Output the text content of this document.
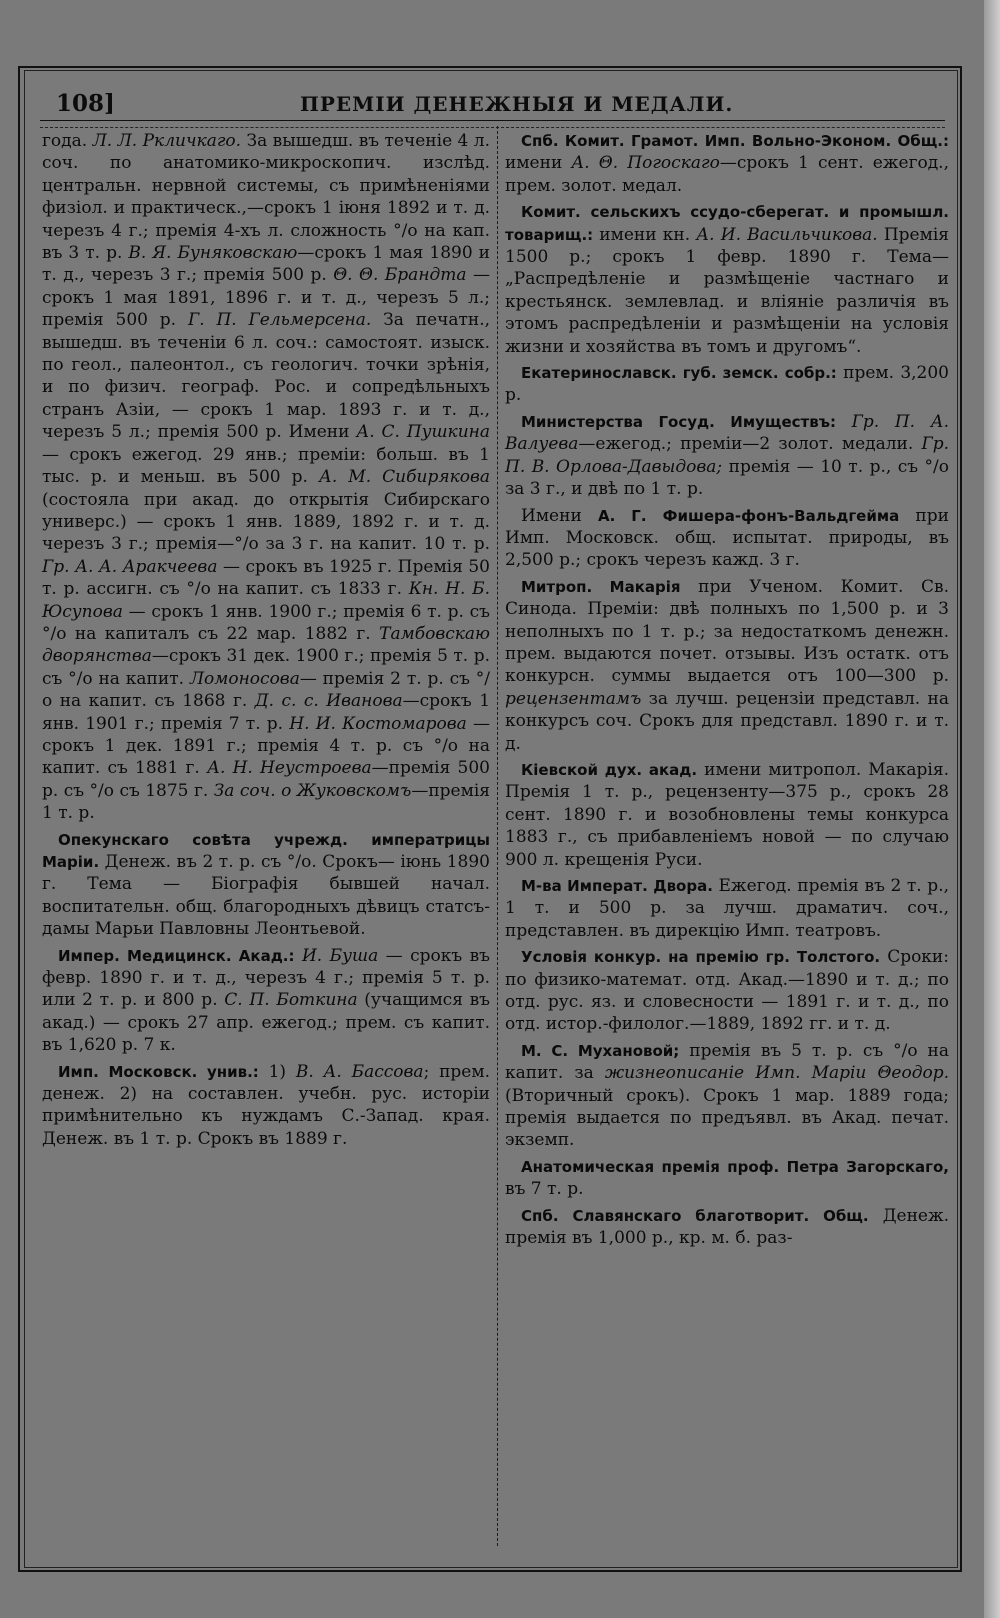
108]	ПРЕМІИ ДЕНЕЖНЫЯ И МЕДАЛИ.

года. Л. Л. Ркличкаго. За вышедш. въ теченіе 4 л. соч. по анатомико-микроскопич. изслѣд. центральн. нервной системы, съ примѣненіями физіол. и практическ.,—срокъ 1 іюня 1892 и т. д. черезъ 4 г.; премія 4-хъ л. сложность °/о на кап. въ 3 т. р. В. Я. Буняковскаю—срокъ 1 мая 1890 и т. д., черезъ 3 г.; премія 500 р. Θ. Θ. Брандта — срокъ 1 мая 1891, 1896 г. и т. д., черезъ 5 л.; премія 500 р. Г. П. Гельмерсена. За печатн., вышедш. въ теченіи 6 л. соч.: самостоят. изыск. по геол., палеонтол., съ геологич. точки зрѣнія, и по физич. географ. Рос. и сопредѣльныхъ странъ Азіи, — срокъ 1 мар. 1893 г. и т. д., черезъ 5 л.; премія 500 р. Имени А. С. Пушкина — срокъ ежегод. 29 янв.; преміи: больш. въ 1 тыс. р. и меньш. въ 500 р. А. М. Сибирякова (состояла при акад. до открытія Сибирскаго универс.) — срокъ 1 янв. 1889, 1892 г. и т. д. черезъ 3 г.; премія—°/о за 3 г. на капит. 10 т. р. Гр. А. А. Аракчеева — срокъ въ 1925 г. Премія 50 т. р. ассигн. съ °/о на капит. съ 1833 г. Кн. Н. Б. Юсупова — срокъ 1 янв. 1900 г.; премія 6 т. р. съ °/о на капиталъ съ 22 мар. 1882 г. Тамбовскаю дворянства—срокъ 31 дек. 1900 г.; премія 5 т. р. съ °/о на капит. Ломоносова— премія 2 т. р. съ °/о на капит. съ 1868 г. Д. с. с. Иванова—срокъ 1 янв. 1901 г.; премія 7 т. р. Н. И. Костомарова — срокъ 1 дек. 1891 г.; премія 4 т. р. съ °/о на капит. съ 1881 г. А. Н. Неустроева—премія 500 р. съ °/о съ 1875 г. За соч. о Жуковскомъ—премія 1 т. р.

Опекунскаго совѣта учрежд. императрицы Маріи. Денеж. въ 2 т. р. съ °/о. Срокъ— іюнь 1890 г. Тема — Біографія бывшей начал. воспитательн. общ. благородныхъ дѣвицъ статсъ-дамы Марьи Павловны Леонтьевой.

Импер. Медицинск. Акад.: И. Буша — срокъ въ февр. 1890 г. и т. д., черезъ 4 г.; премія 5 т. р. или 2 т. р. и 800 р. С. П. Боткина (учащимся въ акад.) — срокъ 27 апр. ежегод.; прем. съ капит. въ 1,620 р. 7 к.

Имп. Московск. унив.: 1) В. А. Бассова; прем. денеж. 2) на составлен. учебн. рус. исторіи примѣнительно къ нуждамъ С.-Запад. края. Денеж. въ 1 т. р. Срокъ въ 1889 г.

Спб. Комит. Грамот. Имп. Вольно-Эконом. Общ.: имени А. Θ. Погоскаго—срокъ 1 сент. ежегод., прем. золот. медал.

Комит. сельскихъ ссудо-сберегат. и промышл. товарищ.: имени кн. А. И. Васильчикова. Премія 1500 р.; срокъ 1 февр. 1890 г. Тема—„Распредѣленіе и размѣщеніе частнаго и крестьянск. землевлад. и вліяніе различія въ этомъ распредѣленіи и размѣщеніи на условія жизни и хозяйства въ томъ и другомъ“.

Екатеринославск. губ. земск. собр.: прем. 3,200 р.

Министерства Госуд. Имуществъ: Гр. П. А. Валуева—ежегод.; преміи—2 золот. медали. Гр. П. В. Орлова-Давыдова; премія — 10 т. р., съ °/о за 3 г., и двѣ по 1 т. р.

Имени А. Г. Фишера-фонъ-Вальдгейма при Имп. Московск. общ. испытат. природы, въ 2,500 р.; срокъ черезъ кажд. 3 г.

Митроп. Макарія при Ученом. Комит. Св. Синода. Преміи: двѣ полныхъ по 1,500 р. и 3 неполныхъ по 1 т. р.; за недостаткомъ денежн. прем. выдаются почет. отзывы. Изъ остатк. отъ конкурсн. суммы выдается отъ 100—300 р. рецензентамъ за лучш. рецензіи представл. на конкурсъ соч. Срокъ для представл. 1890 г. и т. д.

Кіевской дух. акад. имени митропол. Макарія. Премія 1 т. р., рецензенту—375 р., срокъ 28 сент. 1890 г. и возобновлены темы конкурса 1883 г., съ прибавленіемъ новой — по случаю 900 л. крещенія Руси.

М-ва Императ. Двора. Ежегод. премія въ 2 т. р., 1 т. и 500 р. за лучш. драматич. соч., представлен. въ дирекцію Имп. театровъ.

Условія конкур. на премію гр. Толстого. Сроки: по физико-математ. отд. Акад.—1890 и т. д.; по отд. рус. яз. и словесности — 1891 г. и т. д., по отд. истор.-филолог.—1889, 1892 гг. и т. д.

М. С. Мухановой; премія въ 5 т. р. съ °/о на капит. за жизнеописаніе Имп. Маріи Θеодор. (Вторичный срокъ). Срокъ 1 мар. 1889 года; премія выдается по предъявл. въ Акад. печат. экземп.

Анатомическая премія проф. Петра Загорскаго, въ 7 т. р.

Спб. Славянскаго благотворит. Общ. Денеж. премія въ 1,000 р., кр. м. б. раз-
